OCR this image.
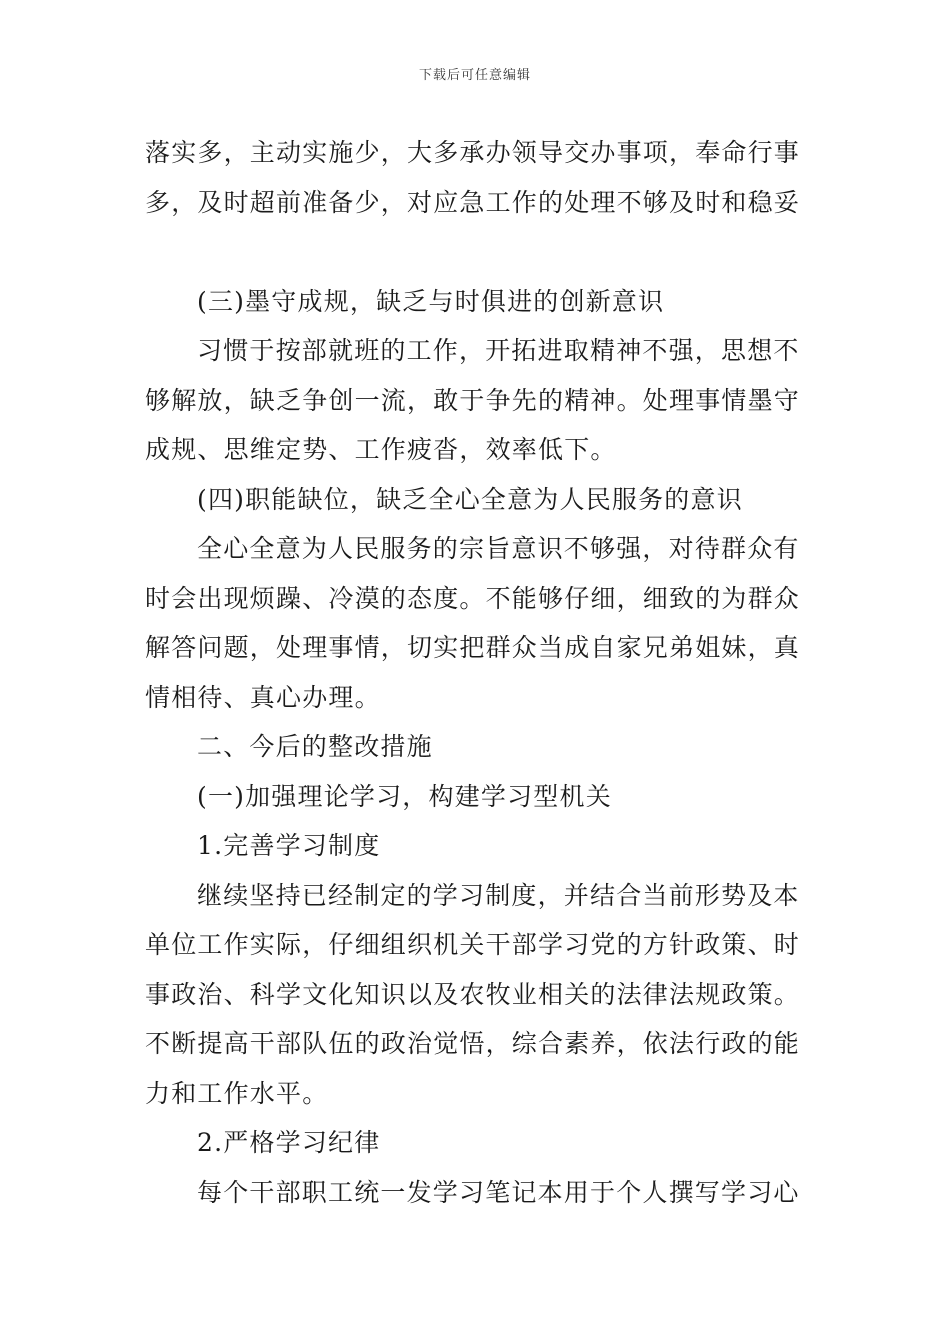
下载后可任意编辑
落实多，主动实施少，大多承办领导交办事项，奉命行事
多，及时超前准备少，对应急工作的处理不够及时和稳妥
(三)墨守成规，缺乏与时俱进的创新意识
习惯于按部就班的工作，开拓进取精神不强，思想不
够解放，缺乏争创一流，敢于争先的精神。处理事情墨守
成规、思维定势、工作疲沓，效率低下。
(四)职能缺位，缺乏全心全意为人民服务的意识
全心全意为人民服务的宗旨意识不够强，对待群众有
时会出现烦躁、冷漠的态度。不能够仔细，细致的为群众
解答问题，处理事情，切实把群众当成自家兄弟姐妹，真
情相待、真心办理。
二、今后的整改措施
(一)加强理论学习，构建学习型机关
1.完善学习制度
继续坚持已经制定的学习制度，并结合当前形势及本
单位工作实际，仔细组织机关干部学习党的方针政策、时
事政治、科学文化知识以及农牧业相关的法律法规政策。
不断提高干部队伍的政治觉悟，综合素养，依法行政的能
力和工作水平。
2.严格学习纪律
每个干部职工统一发学习笔记本用于个人撰写学习心
